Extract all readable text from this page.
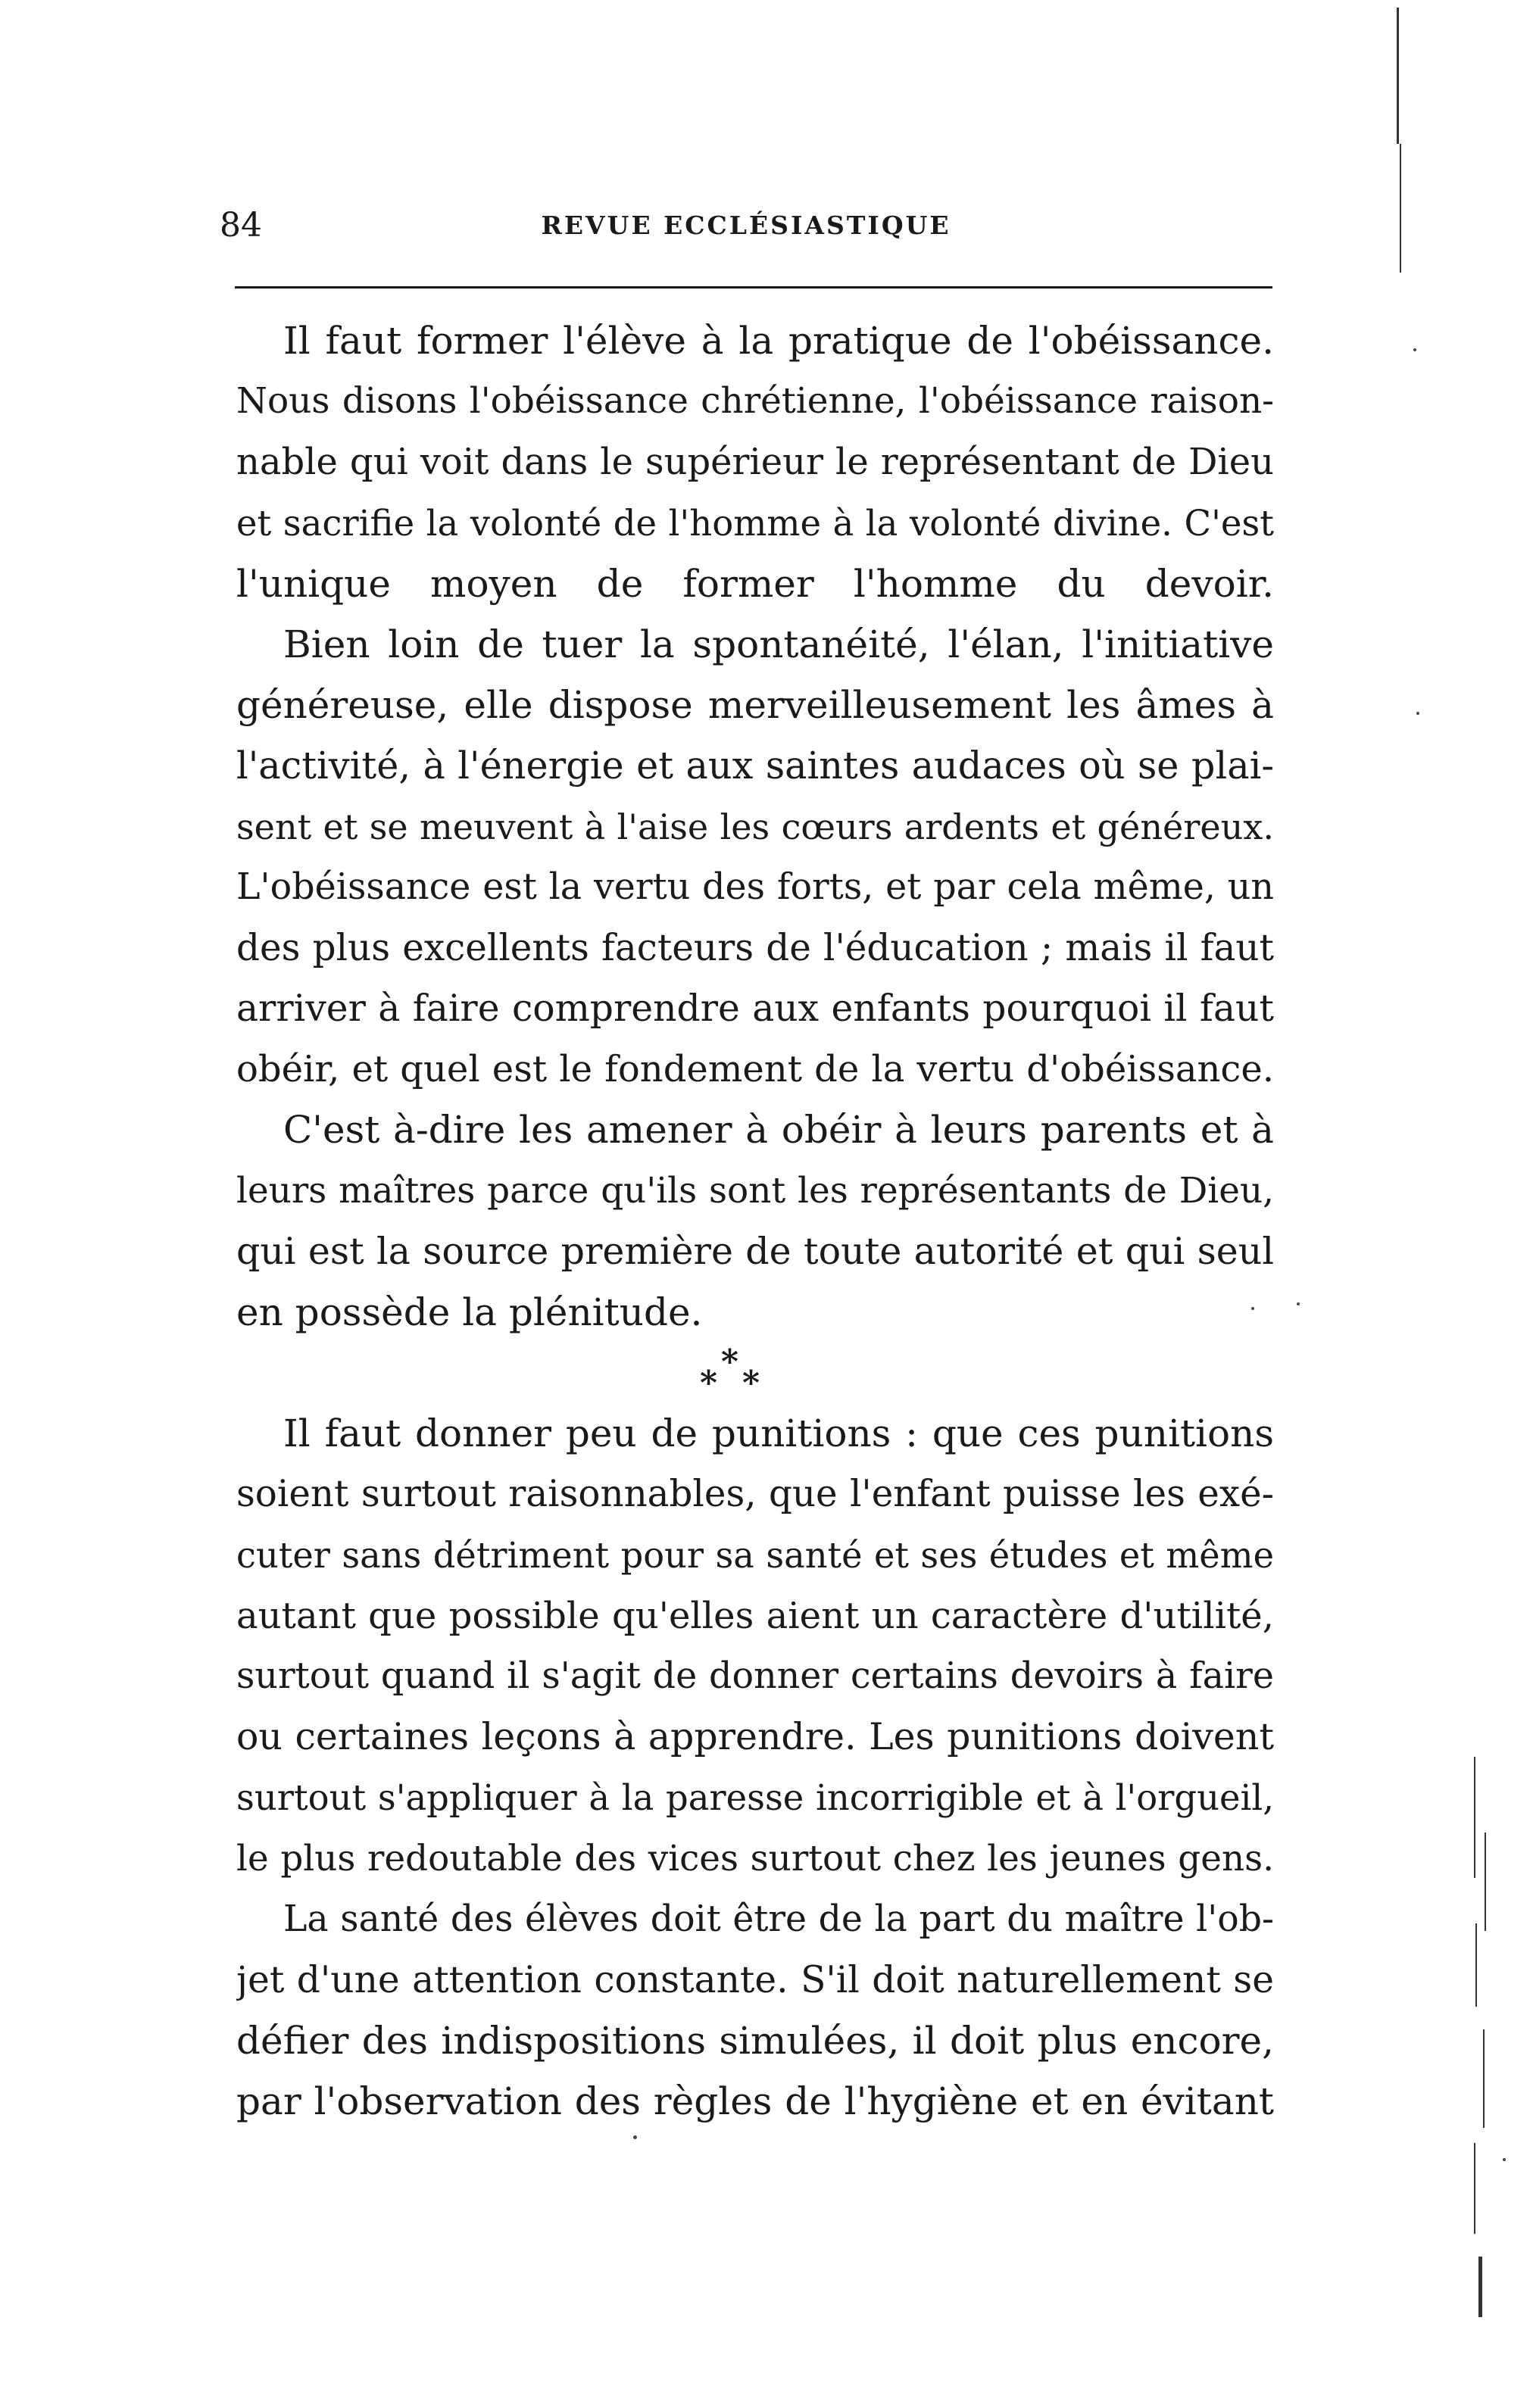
84	REVUE ECCLÉSIASTIQUE
Il faut former l'élève à la pratique de l'obéissance.
Nous disons l'obéissance chrétienne, l'obéissance raison-
nable qui voit dans le supérieur le représentant de Dieu
et sacrifie la volonté de l'homme à la volonté divine. C'est
l'unique moyen de former l'homme du devoir.
Bien loin de tuer la spontanéité, l'élan, l'initiative
généreuse, elle dispose merveilleusement les âmes à
l'activité, à l'énergie et aux saintes audaces où se plai-
sent et se meuvent à l'aise les cœurs ardents et généreux.
L'obéissance est la vertu des forts, et par cela même, un
des plus excellents facteurs de l'éducation ; mais il faut
arriver à faire comprendre aux enfants pourquoi il faut
obéir, et quel est le fondement de la vertu d'obéissance.
C'est à-dire les amener à obéir à leurs parents et à
leurs maîtres parce qu'ils sont les représentants de Dieu,
qui est la source première de toute autorité et qui seul
en possède la plénitude.
*
* *
Il faut donner peu de punitions : que ces punitions
soient surtout raisonnables, que l'enfant puisse les exé-
cuter sans détriment pour sa santé et ses études et même
autant que possible qu'elles aient un caractère d'utilité,
surtout quand il s'agit de donner certains devoirs à faire
ou certaines leçons à apprendre. Les punitions doivent
surtout s'appliquer à la paresse incorrigible et à l'orgueil,
le plus redoutable des vices surtout chez les jeunes gens.
La santé des élèves doit être de la part du maître l'ob-
jet d'une attention constante. S'il doit naturellement se
défier des indispositions simulées, il doit plus encore,
par l'observation des règles de l'hygiène et en évitant
